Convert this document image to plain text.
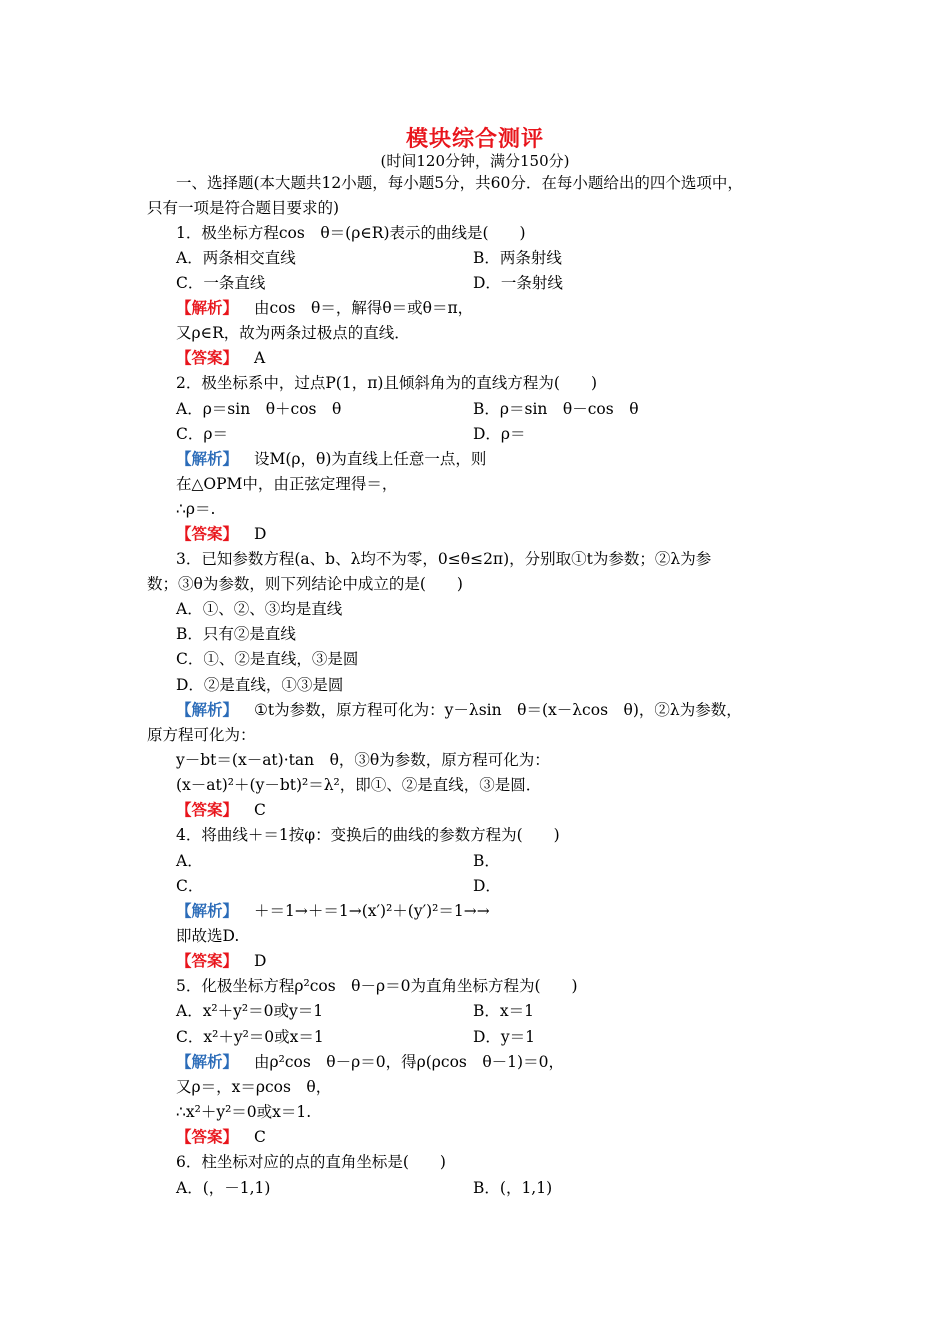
模块综合测评
(时间120分钟，满分150分)
一、选择题(本大题共12小题，每小题5分，共60分．在每小题给出的四个选项中，
只有一项是符合题目要求的)
1．极坐标方程cos　θ＝(ρ∈R)表示的曲线是(　　)
A．两条相交直线	B．两条射线
C．一条直线	D．一条射线
【解析】 由cos　θ＝，解得θ＝或θ＝π，
又ρ∈R，故为两条过极点的直线．
【答案】 A
2．极坐标系中，过点P(1，π)且倾斜角为的直线方程为(　　)
A．ρ＝sin　θ＋cos　θ	B．ρ＝sin　θ－cos　θ
C．ρ＝	D．ρ＝
【解析】 设M(ρ，θ)为直线上任意一点，则
在△OPM中，由正弦定理得＝，
∴ρ＝.
【答案】 D
3．已知参数方程(a、b、λ均不为零，0≤θ≤2π)，分别取①t为参数；②λ为参
数；③θ为参数，则下列结论中成立的是(　　)
A．①、②、③均是直线
B．只有②是直线
C．①、②是直线，③是圆
D．②是直线，①③是圆
【解析】 ①t为参数，原方程可化为：y－λsin　θ＝(x－λcos　θ)，②λ为参数，
原方程可化为：
y－bt＝(x－at)·tan　θ，③θ为参数，原方程可化为：
(x－at)²＋(y－bt)²＝λ²，即①、②是直线，③是圆．
【答案】 C
4．将曲线＋＝1按φ：变换后的曲线的参数方程为(　　)
A．	B．
C．	D．
【解析】 ＋＝1→＋＝1→(x′)²＋(y′)²＝1→→
即故选D.
【答案】 D
5．化极坐标方程ρ²cos　θ－ρ＝0为直角坐标方程为(　　)
A．x²＋y²＝0或y＝1	B．x＝1
C．x²＋y²＝0或x＝1	D．y＝1
【解析】 由ρ²cos　θ－ρ＝0，得ρ(ρcos　θ－1)＝0，
又ρ＝，x＝ρcos　θ，
∴x²＋y²＝0或x＝1.
【答案】 C
6．柱坐标对应的点的直角坐标是(　　)
A．(，－1,1)	B．(，1,1)
